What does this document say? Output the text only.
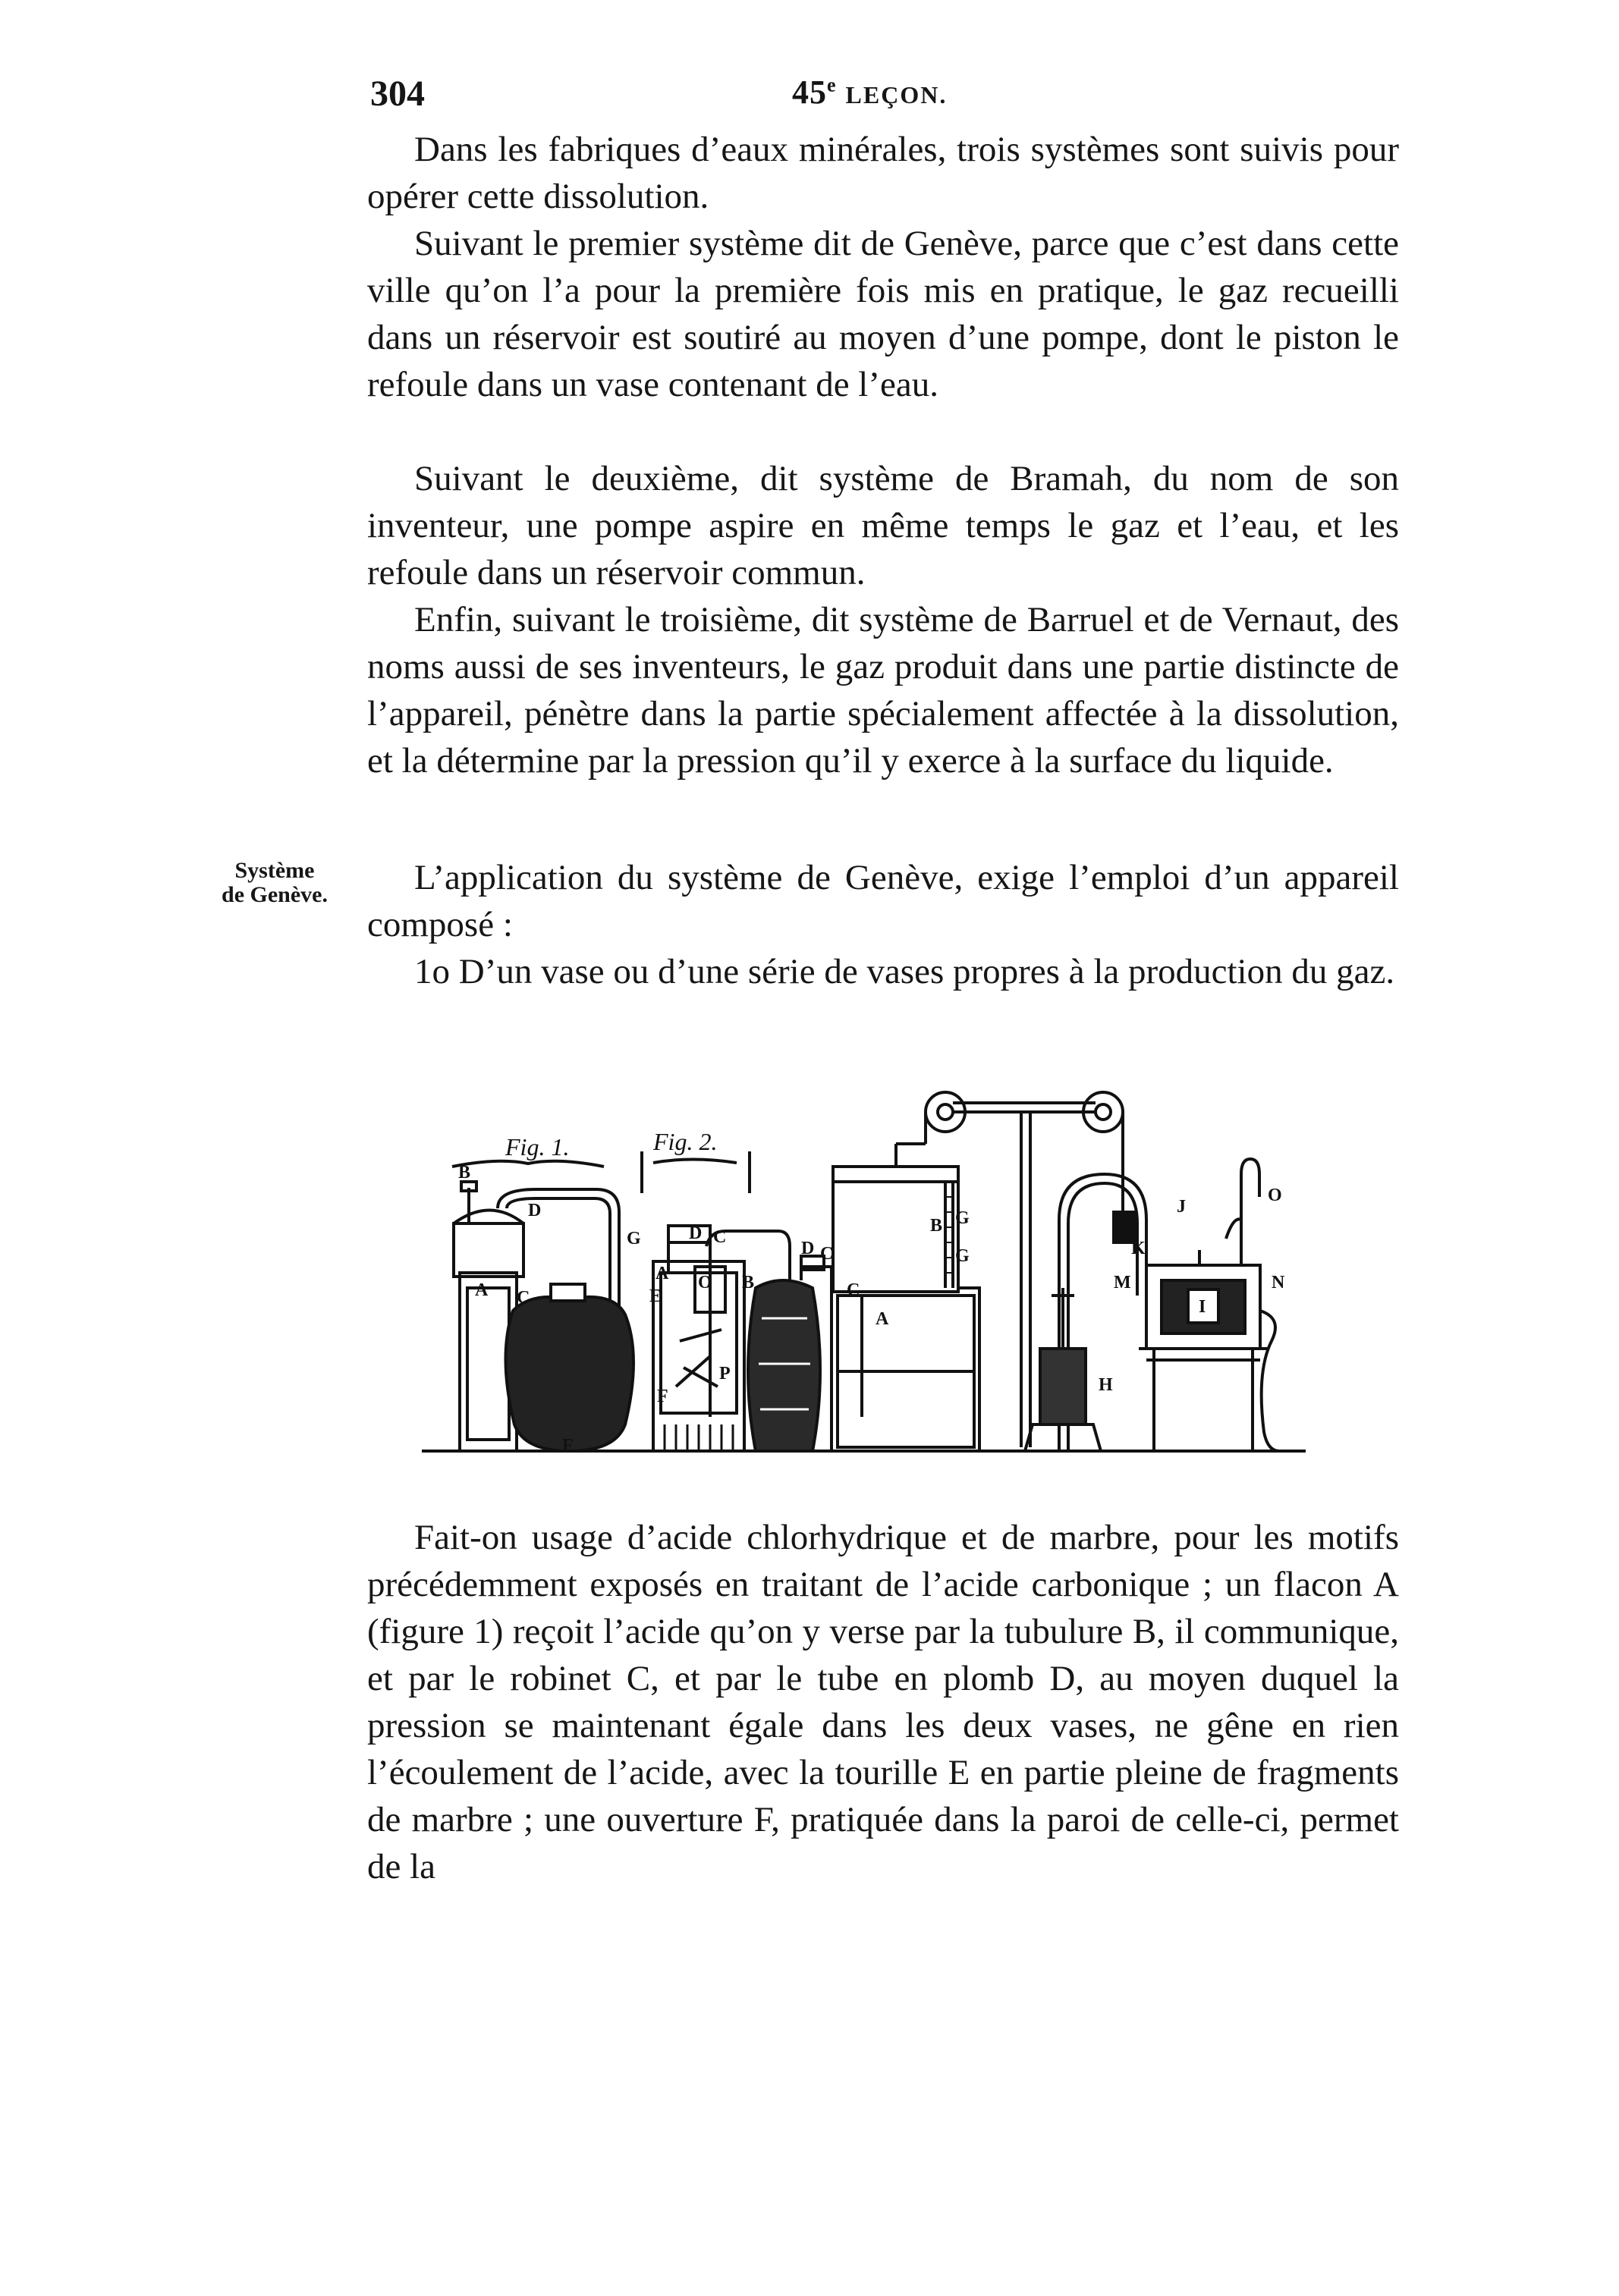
304	45e LEÇON.

Dans les fabriques d’eaux minérales, trois systèmes sont suivis pour opérer cette dissolution.

Suivant le premier système dit de Genève, parce que c’est dans cette ville qu’on l’a pour la première fois mis en pratique, le gaz recueilli dans un réservoir est soutiré au moyen d’une pompe, dont le piston le refoule dans un vase contenant de l’eau.

Suivant le deuxième, dit système de Bramah, du nom de son inventeur, une pompe aspire en même temps le gaz et l’eau, et les refoule dans un réservoir commun.

Enfin, suivant le troisième, dit système de Barruel et de Vernaut, des noms aussi de ses inventeurs, le gaz produit dans une partie distincte de l’appareil, pénètre dans la partie spécialement affectée à la dissolution, et la détermine par la pression qu’il y exerce à la surface du liquide.

Système
de Genève.	L’application du système de Genève, exige l’emploi d’un appareil composé :

1o D’un vase ou d’une série de vases propres à la production du gaz.

Fig. 1.	Fig. 2.
B
D
G
C
A
F
D C
A O B
E
P
F
D C
B G
G
C
A
H
J
K
O
M
I
N

Fait-on usage d’acide chlorhydrique et de marbre, pour les motifs précédemment exposés en traitant de l’acide carbonique ; un flacon A (figure 1) reçoit l’acide qu’on y verse par la tubulure B, il communique, et par le robinet C, et par le tube en plomb D, au moyen duquel la pression se maintenant égale dans les deux vases, ne gêne en rien l’écoulement de l’acide, avec la tourille E en partie pleine de fragments de marbre ; une ouverture F, pratiquée dans la paroi de celle-ci, permet de la
